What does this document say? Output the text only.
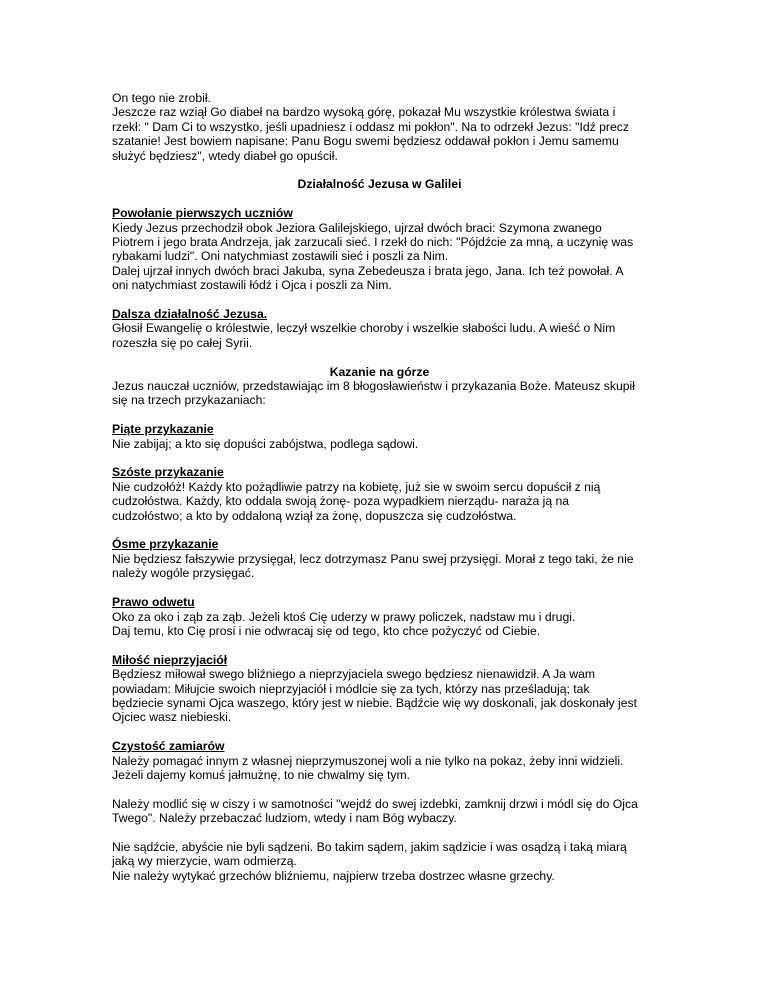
On tego nie zrobił.

Jeszcze raz wziął Go diabeł na bardzo wysoką górę, pokazał Mu wszystkie królestwa świata i
rzekł: " Dam Ci to wszystko, jeśli upadniesz i oddasz mi pokłon". Na to odrzekł Jezus: "Idź precz
szatanie! Jest bowiem napisane: Panu Bogu swemi będziesz oddawał pokłon i Jemu samemu
służyć będziesz", wtedy diabeł go opuścił.

Działalność Jezusa w Galilei

Powołanie pierwszych uczniów

Kiedy Jezus przechodził obok Jeziora Galilejskiego, ujrzał dwóch braci: Szymona zwanego
Piotrem i jego brata Andrzeja, jak zarzucali sieć. I rzekł do nich: "Pójdźcie za mną, a uczynię was
rybakami ludzi". Oni natychmiast zostawili sieć i poszli za Nim.

Dalej ujrzał innych dwóch braci Jakuba, syna Zebedeusza i brata jego, Jana. Ich też powołał. A
oni natychmiast zostawili łódź i Ojca i poszli za Nim.

Dalsza działalność Jezusa.

Głosił Ewangelię o królestwie, leczył wszelkie choroby i wszelkie słabości ludu. A wieść o Nim
rozeszła się po całej Syrii.

Kazanie na górze

Jezus nauczał uczniów, przedstawiając im 8 błogosławieństw i przykazania Boże. Mateusz skupił
się na trzech przykazaniach:

Piąte przykazanie

Nie zabijaj; a kto się dopuści zabójstwa, podlega sądowi.

Szóste przykazanie

Nie cudzołóż! Każdy kto pożądliwie patrzy na kobietę, już sie w swoim sercu dopuścił z nią
cudzołóstwa. Każdy, kto oddala swoją żonę- poza wypadkiem nierządu- naraża ją na
cudzołóstwo; a kto by oddaloną wziął za żonę, dopuszcza się cudzołóstwa.

Ósme przykazanie

Nie będziesz fałszywie przysięgał, lecz dotrzymasz Panu swej przysięgi. Morał z tego taki, że nie
należy wogóle przysięgać.

Prawo odwetu

Oko za oko i ząb za ząb. Jeżeli ktoś Cię uderzy w prawy policzek, nadstaw mu i drugi.
Daj temu, kto Cię prosi i nie odwracaj się od tego, kto chce pożyczyć od Ciebie.

Miłość nieprzyjaciół

Będziesz miłował swego bliźniego a nieprzyjaciela swego będziesz nienawidził. A Ja wam
powiadam: Miłujcie swoich nieprzyjaciół i módlcie się za tych, którzy nas prześladują; tak
będziecie synami Ojca waszego, który jest w niebie. Bądźcie wię wy doskonali, jak doskonały jest
Ojciec wasz niebieski.

Czystość zamiarów

Należy pomagać innym z własnej nieprzymuszonej woli a nie tylko na pokaz, żeby inni widzieli.
Jeżeli dajemy komuś jałmużnę, to nie chwalmy się tym.

Należy modlić się w ciszy i w samotności "wejdź do swej izdebki, zamknij drzwi i módl się do Ojca
Twego". Należy przebaczać ludziom, wtedy i nam Bóg wybaczy.

Nie sądźcie, abyście nie byli sądzeni. Bo takim sądem, jakim sądzicie i was osądzą i taką miarą
jaką wy mierzycie, wam odmierzą.

Nie należy wytykać grzechów bliźniemu, najpierw trzeba dostrzec własne grzechy.
